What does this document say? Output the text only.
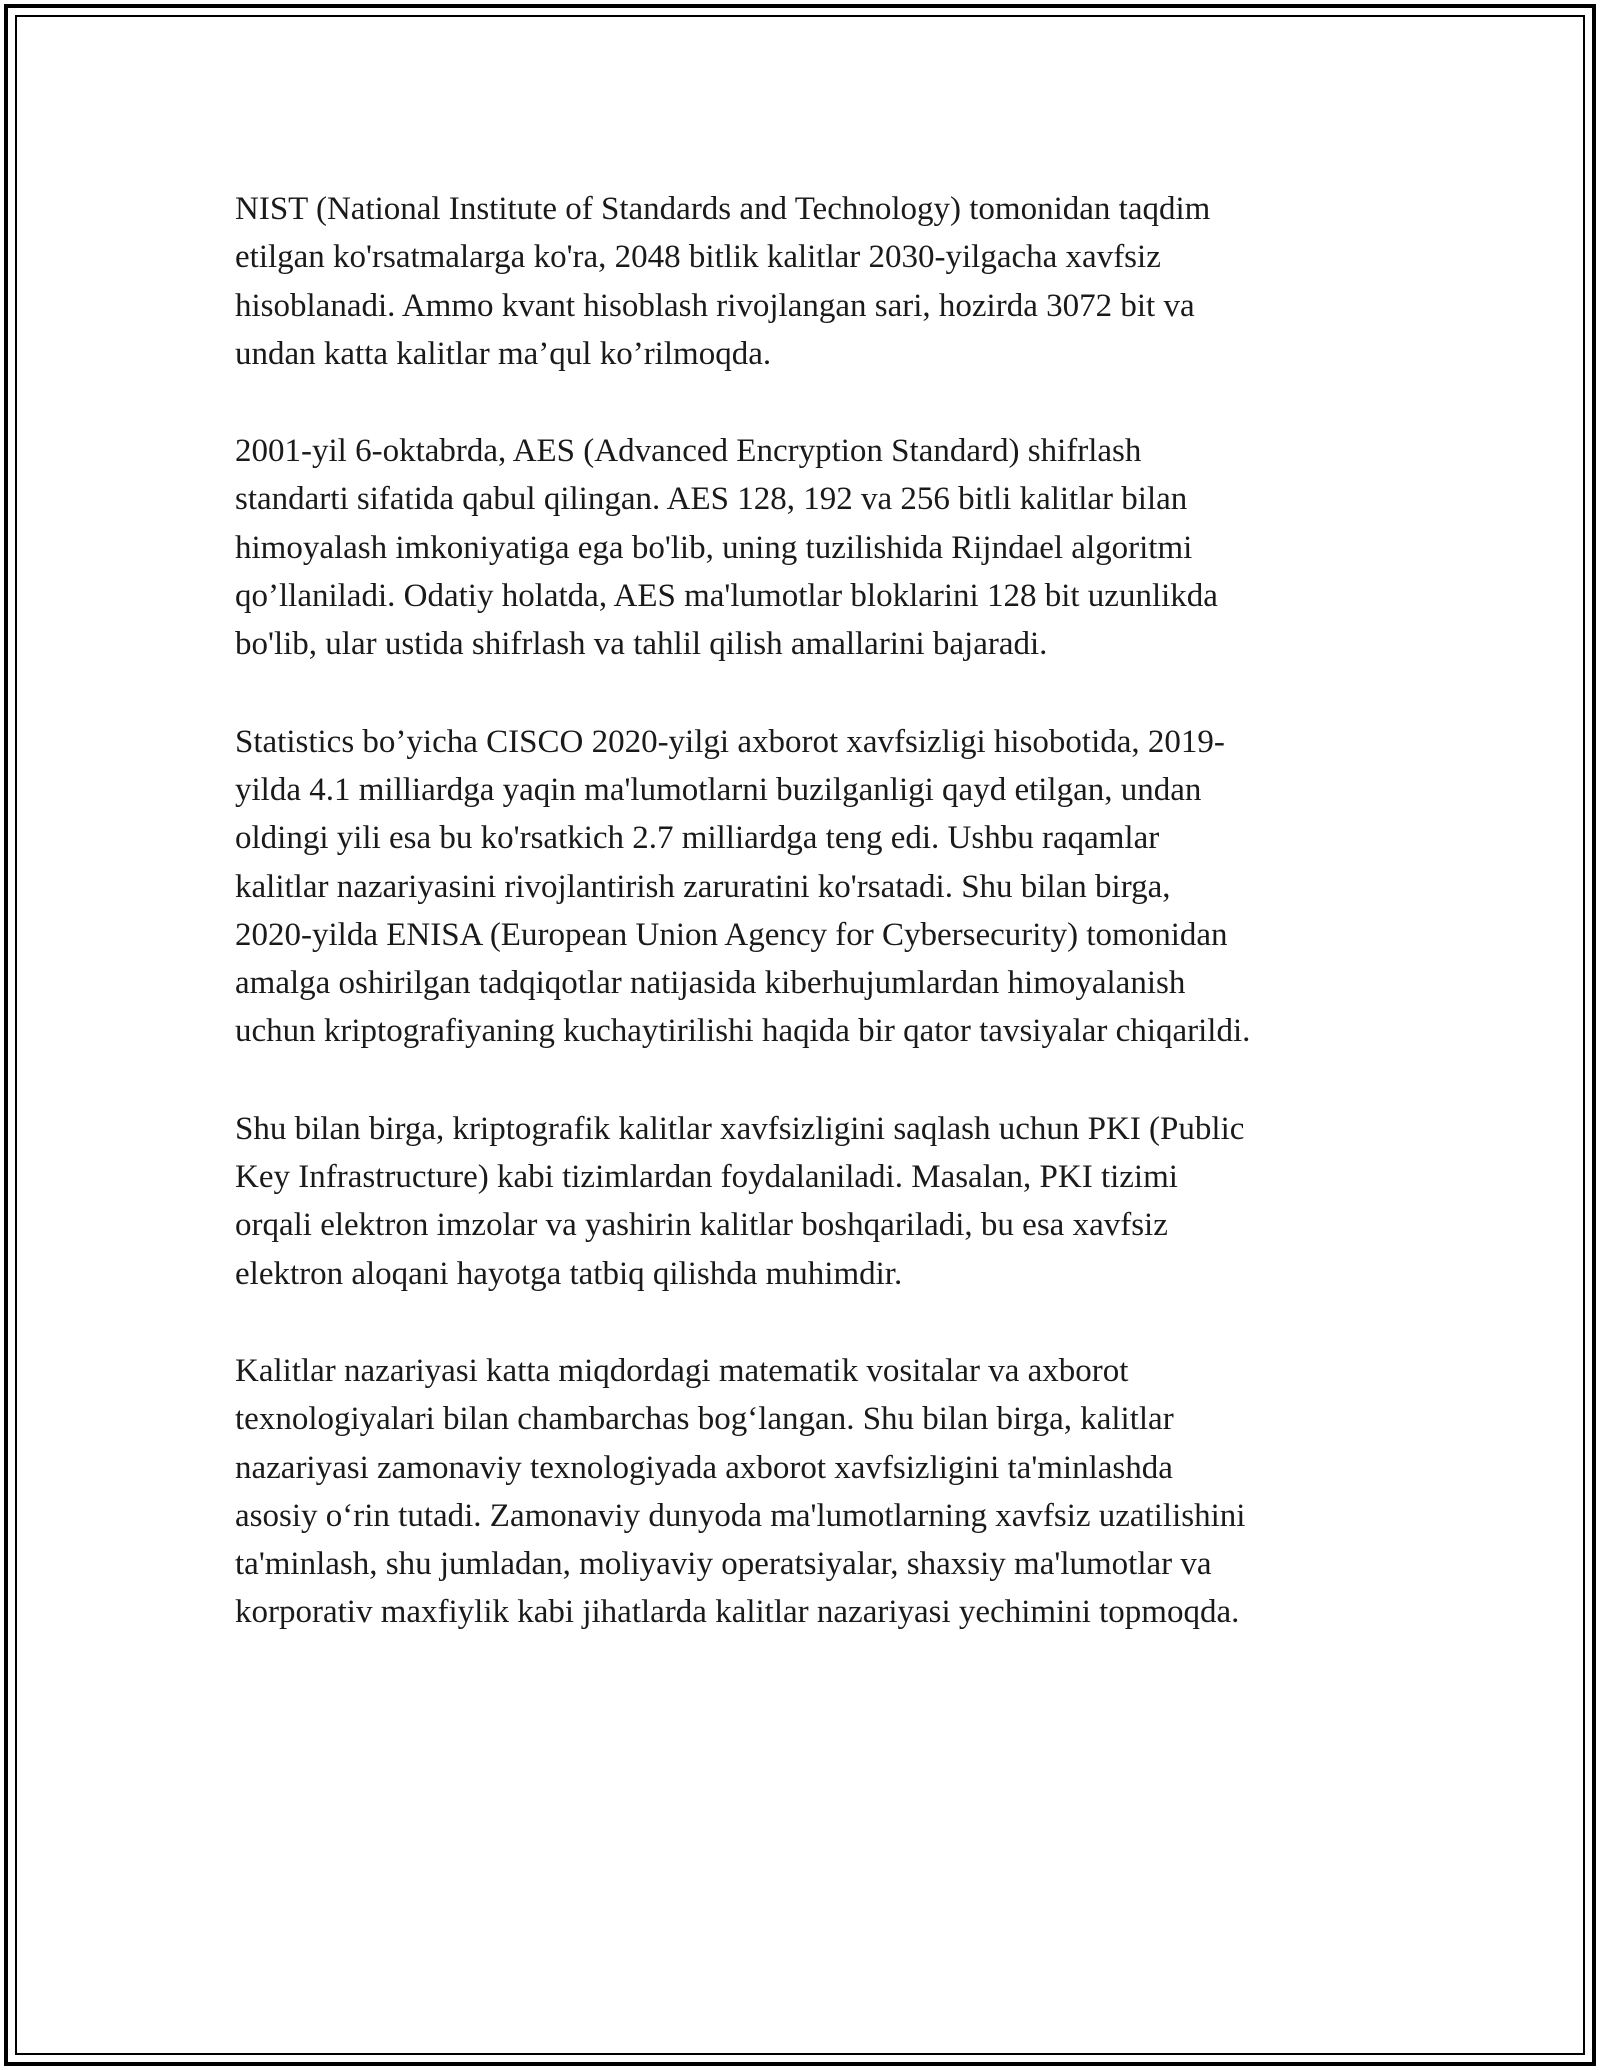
NIST (National Institute of Standards and Technology) tomonidan taqdim
etilgan ko'rsatmalarga ko'ra, 2048 bitlik kalitlar 2030-yilgacha xavfsiz
hisoblanadi. Ammo kvant hisoblash rivojlangan sari, hozirda 3072 bit va
undan katta kalitlar ma’qul ko’rilmoqda.

2001-yil 6-oktabrda, AES (Advanced Encryption Standard) shifrlash
standarti sifatida qabul qilingan. AES 128, 192 va 256 bitli kalitlar bilan
himoyalash imkoniyatiga ega bo'lib, uning tuzilishida Rijndael algoritmi
qo’llaniladi. Odatiy holatda, AES ma'lumotlar bloklarini 128 bit uzunlikda
bo'lib, ular ustida shifrlash va tahlil qilish amallarini bajaradi.

Statistics bo’yicha CISCO 2020-yilgi axborot xavfsizligi hisobotida, 2019-
yilda 4.1 milliardga yaqin ma'lumotlarni buzilganligi qayd etilgan, undan
oldingi yili esa bu ko'rsatkich 2.7 milliardga teng edi. Ushbu raqamlar
kalitlar nazariyasini rivojlantirish zaruratini ko'rsatadi. Shu bilan birga,
2020-yilda ENISA (European Union Agency for Cybersecurity) tomonidan
amalga oshirilgan tadqiqotlar natijasida kiberhujumlardan himoyalanish
uchun kriptografiyaning kuchaytirilishi haqida bir qator tavsiyalar chiqarildi.

Shu bilan birga, kriptografik kalitlar xavfsizligini saqlash uchun PKI (Public
Key Infrastructure) kabi tizimlardan foydalaniladi. Masalan, PKI tizimi
orqali elektron imzolar va yashirin kalitlar boshqariladi, bu esa xavfsiz
elektron aloqani hayotga tatbiq qilishda muhimdir.

Kalitlar nazariyasi katta miqdordagi matematik vositalar va axborot
texnologiyalari bilan chambarchas bog‘langan. Shu bilan birga, kalitlar
nazariyasi zamonaviy texnologiyada axborot xavfsizligini ta'minlashda
asosiy o‘rin tutadi. Zamonaviy dunyoda ma'lumotlarning xavfsiz uzatilishini
ta'minlash, shu jumladan, moliyaviy operatsiyalar, shaxsiy ma'lumotlar va
korporativ maxfiylik kabi jihatlarda kalitlar nazariyasi yechimini topmoqda.
